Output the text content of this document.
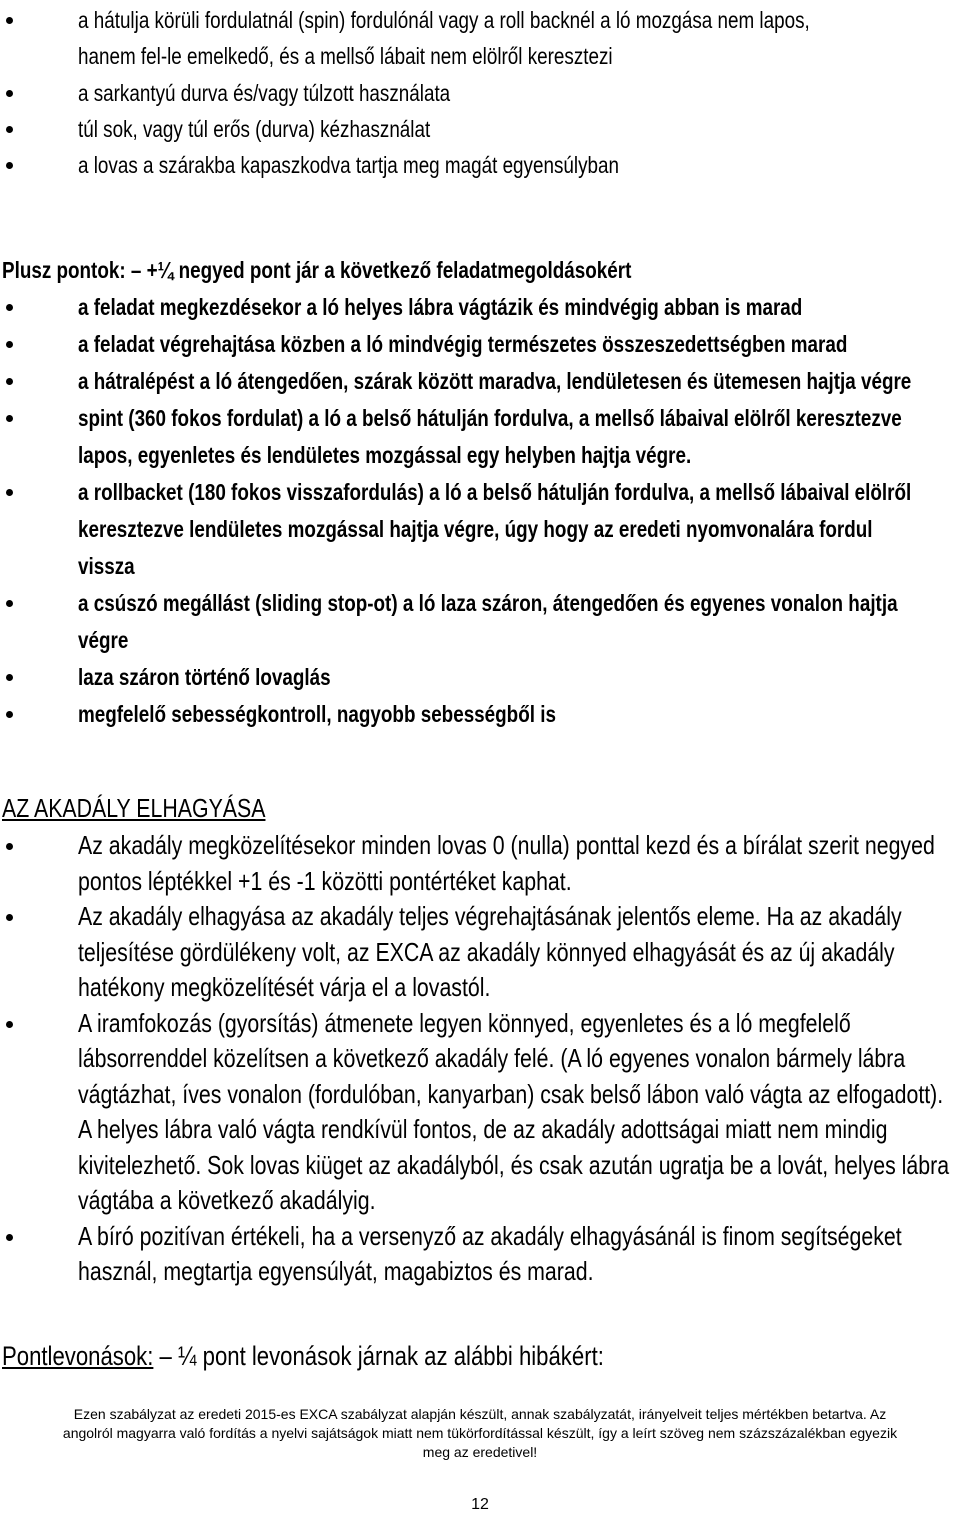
a hátulja körüli fordulatnál (spin) fordulónál vagy a roll backnél a ló mozgása nem lapos,
hanem fel-le emelkedő, és a mellső lábait nem elölről keresztezi
a sarkantyú durva és/vagy túlzott használata
túl sok, vagy túl erős (durva) kézhasználat
a lovas a szárakba kapaszkodva tartja meg magát egyensúlyban
Plusz pontok: – +¼ negyed pont jár a következő feladatmegoldásokért
a feladat megkezdésekor a ló helyes lábra vágtázik és mindvégig abban is marad
a feladat végrehajtása közben a ló mindvégig természetes összeszedettségben marad
a hátralépést a ló átengedően, szárak között maradva, lendületesen és ütemesen hajtja végre
spint (360 fokos fordulat) a ló a belső hátulján fordulva, a mellső lábaival elölről keresztezve
lapos, egyenletes és lendületes mozgással egy helyben hajtja végre.
a rollbacket (180 fokos visszafordulás) a ló a belső hátulján fordulva, a mellső lábaival elölről
keresztezve lendületes mozgással hajtja végre, úgy hogy az eredeti nyomvonalára fordul
vissza
a csúszó megállást (sliding stop-ot) a ló laza száron, átengedően és egyenes vonalon hajtja
végre
laza száron történő lovaglás
megfelelő sebességkontroll, nagyobb sebességből is
AZ AKADÁLY ELHAGYÁSA
Az akadály megközelítésekor minden lovas 0 (nulla) ponttal kezd és a bírálat szerit negyed
pontos léptékkel +1 és -1 közötti pontértéket kaphat.
Az akadály elhagyása az akadály teljes végrehajtásának jelentős eleme. Ha az akadály
teljesítése gördülékeny volt, az EXCA az akadály könnyed elhagyását és az új akadály
hatékony megközelítését várja el a lovastól.
A iramfokozás (gyorsítás) átmenete legyen könnyed, egyenletes és a ló megfelelő
lábsorrenddel közelítsen a következő akadály felé. (A ló egyenes vonalon bármely lábra
vágtázhat, íves vonalon (fordulóban, kanyarban) csak belső lábon való vágta az elfogadott).
A helyes lábra való vágta rendkívül fontos, de az akadály adottságai miatt nem mindig
kivitelezhető. Sok lovas kiüget az akadályból, és csak azután ugratja be a lovát, helyes lábra
vágtába a következő akadályig.
A bíró pozitívan értékeli, ha a versenyző az akadály elhagyásánál is finom segítségeket
használ, megtartja egyensúlyát, magabiztos és marad.
Pontlevonások: – ¼ pont levonások járnak az alábbi hibákért:
Ezen szabályzat az eredeti 2015-es EXCA szabályzat alapján készült, annak szabályzatát, irányelveit teljes mértékben betartva. Az
angolról magyarra való fordítás a nyelvi sajátságok miatt nem tükörfordítással készült, így a leírt szöveg nem százszázalékban egyezik
meg az eredetivel!
12
